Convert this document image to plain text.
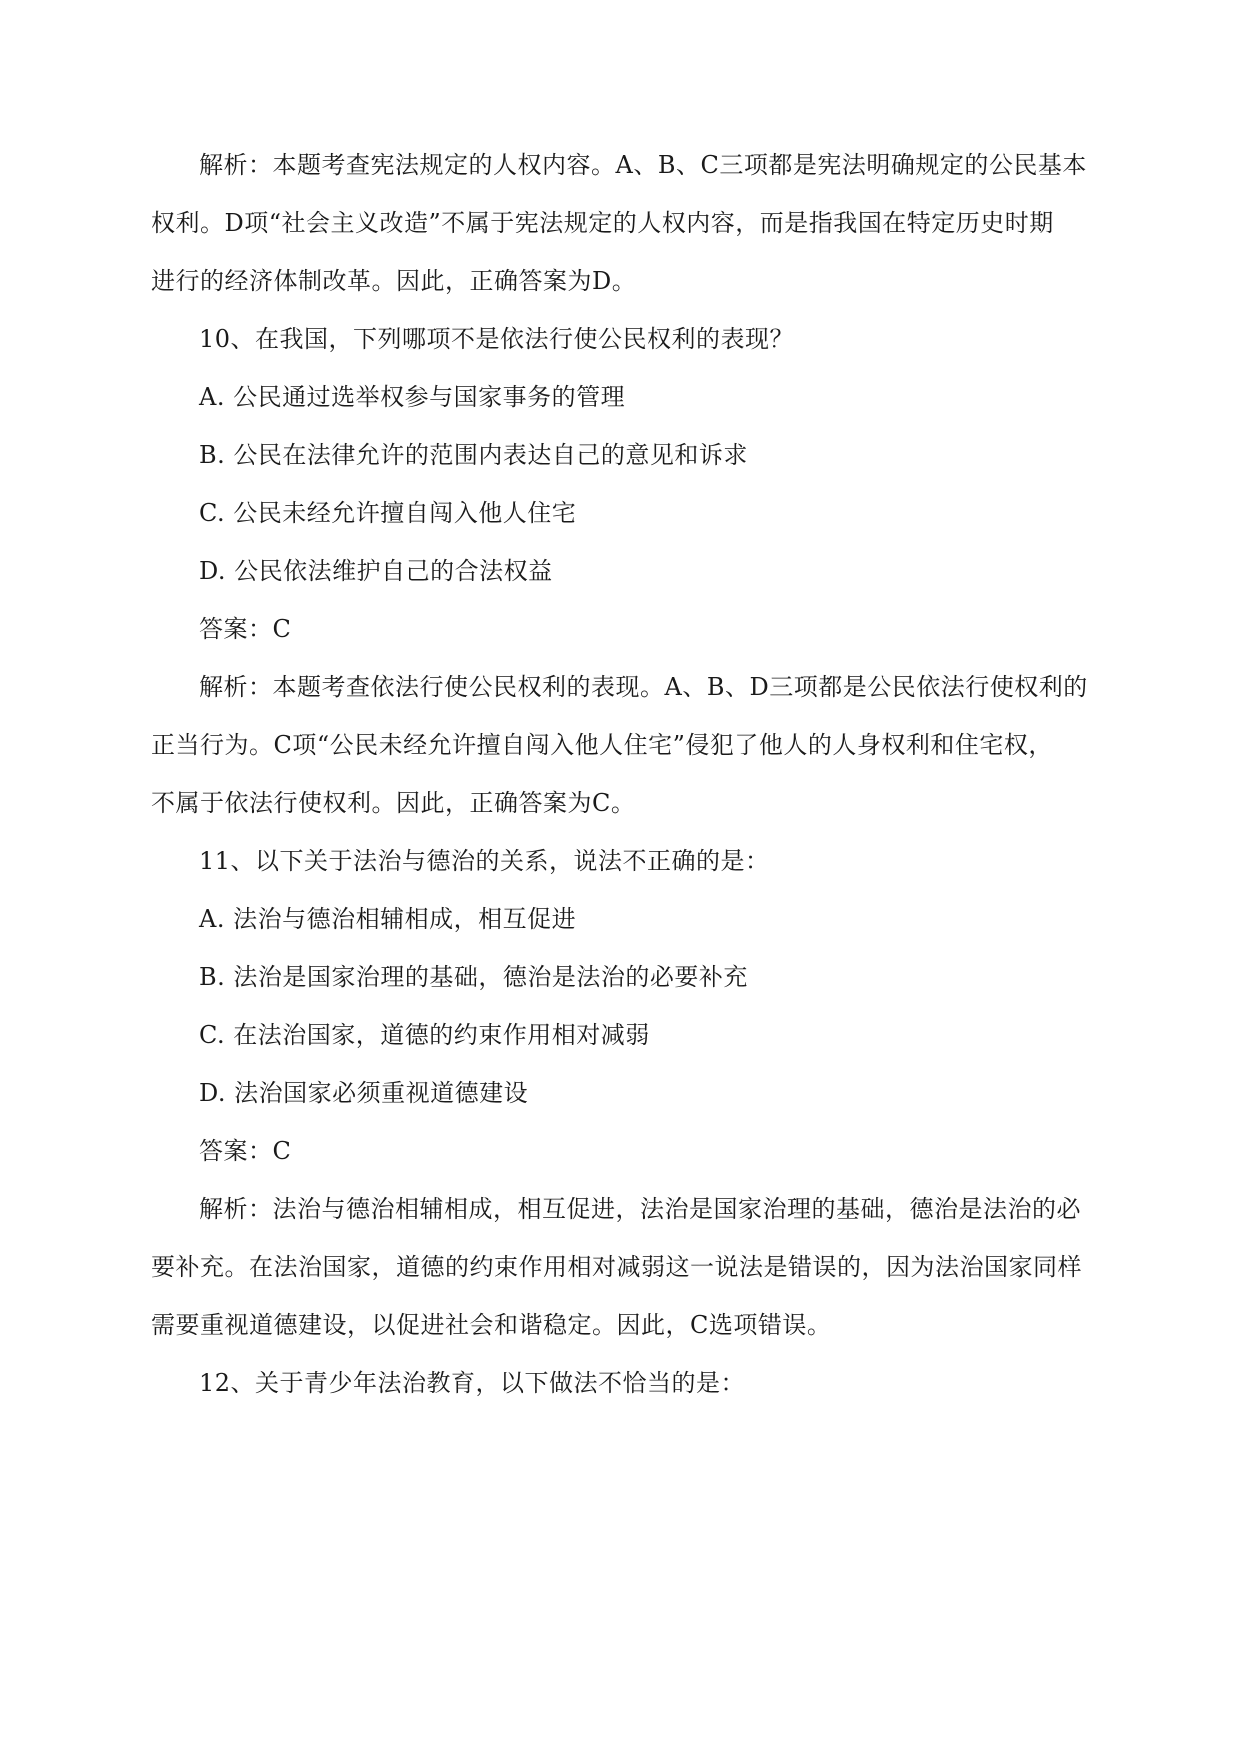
解析：本题考查宪法规定的人权内容。A、B、C三项都是宪法明确规定的公民基本
权利。D项“社会主义改造”不属于宪法规定的人权内容，而是指我国在特定历史时期
进行的经济体制改革。因此，正确答案为D。
10、在我国，下列哪项不是依法行使公民权利的表现？
A. 公民通过选举权参与国家事务的管理
B. 公民在法律允许的范围内表达自己的意见和诉求
C. 公民未经允许擅自闯入他人住宅
D. 公民依法维护自己的合法权益
答案：C
解析：本题考查依法行使公民权利的表现。A、B、D三项都是公民依法行使权利的
正当行为。C项“公民未经允许擅自闯入他人住宅”侵犯了他人的人身权利和住宅权，
不属于依法行使权利。因此，正确答案为C。
11、以下关于法治与德治的关系，说法不正确的是：
A. 法治与德治相辅相成，相互促进
B. 法治是国家治理的基础，德治是法治的必要补充
C. 在法治国家，道德的约束作用相对减弱
D. 法治国家必须重视道德建设
答案：C
解析：法治与德治相辅相成，相互促进，法治是国家治理的基础，德治是法治的必
要补充。在法治国家，道德的约束作用相对减弱这一说法是错误的，因为法治国家同样
需要重视道德建设，以促进社会和谐稳定。因此，C选项错误。
12、关于青少年法治教育，以下做法不恰当的是：
